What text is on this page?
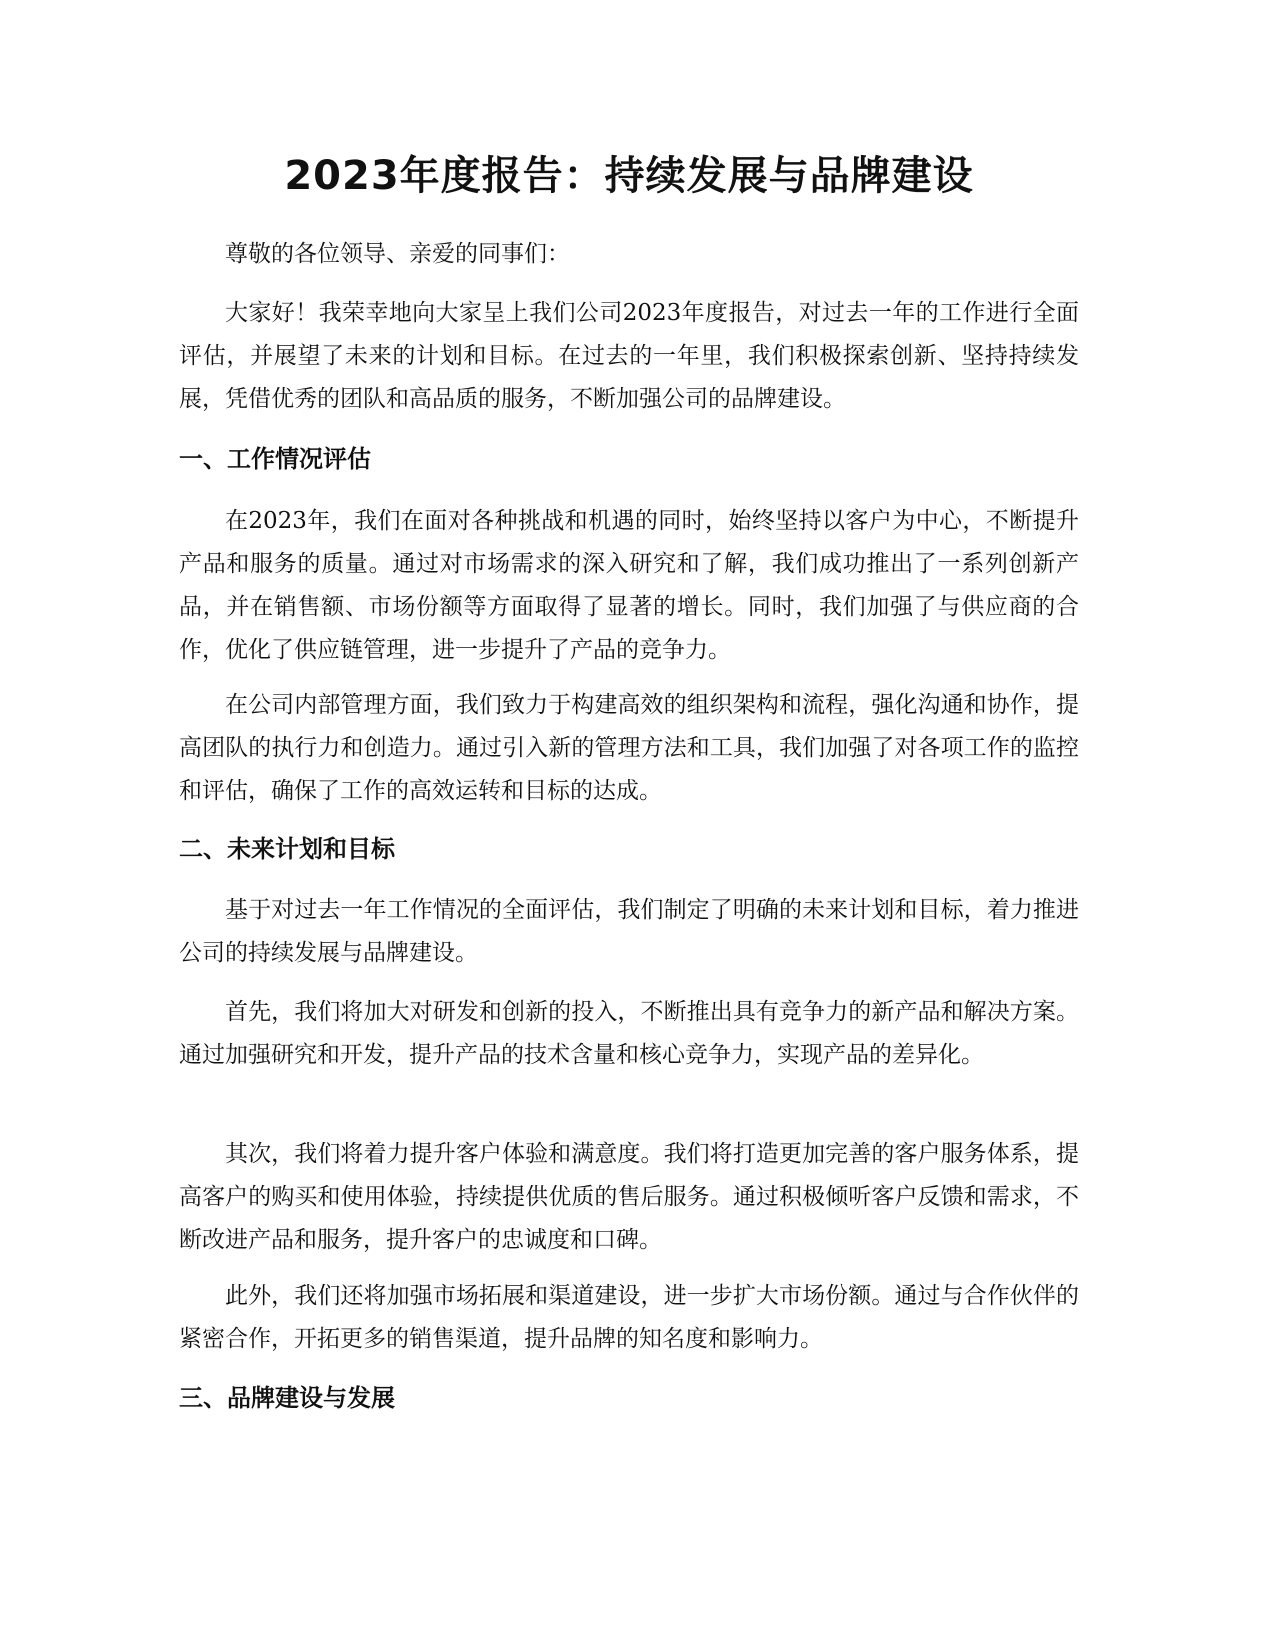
2023年度报告：持续发展与品牌建设

尊敬的各位领导、亲爱的同事们：

大家好！我荣幸地向大家呈上我们公司2023年度报告，对过去一年的工作进行全面评估，并展望了未来的计划和目标。在过去的一年里，我们积极探索创新、坚持持续发展，凭借优秀的团队和高品质的服务，不断加强公司的品牌建设。

一、工作情况评估

在2023年，我们在面对各种挑战和机遇的同时，始终坚持以客户为中心，不断提升产品和服务的质量。通过对市场需求的深入研究和了解，我们成功推出了一系列创新产品，并在销售额、市场份额等方面取得了显著的增长。同时，我们加强了与供应商的合作，优化了供应链管理，进一步提升了产品的竞争力。

在公司内部管理方面，我们致力于构建高效的组织架构和流程，强化沟通和协作，提高团队的执行力和创造力。通过引入新的管理方法和工具，我们加强了对各项工作的监控和评估，确保了工作的高效运转和目标的达成。

二、未来计划和目标

基于对过去一年工作情况的全面评估，我们制定了明确的未来计划和目标，着力推进公司的持续发展与品牌建设。

首先，我们将加大对研发和创新的投入，不断推出具有竞争力的新产品和解决方案。通过加强研究和开发，提升产品的技术含量和核心竞争力，实现产品的差异化。

其次，我们将着力提升客户体验和满意度。我们将打造更加完善的客户服务体系，提高客户的购买和使用体验，持续提供优质的售后服务。通过积极倾听客户反馈和需求，不断改进产品和服务，提升客户的忠诚度和口碑。

此外，我们还将加强市场拓展和渠道建设，进一步扩大市场份额。通过与合作伙伴的紧密合作，开拓更多的销售渠道，提升品牌的知名度和影响力。

三、品牌建设与发展
